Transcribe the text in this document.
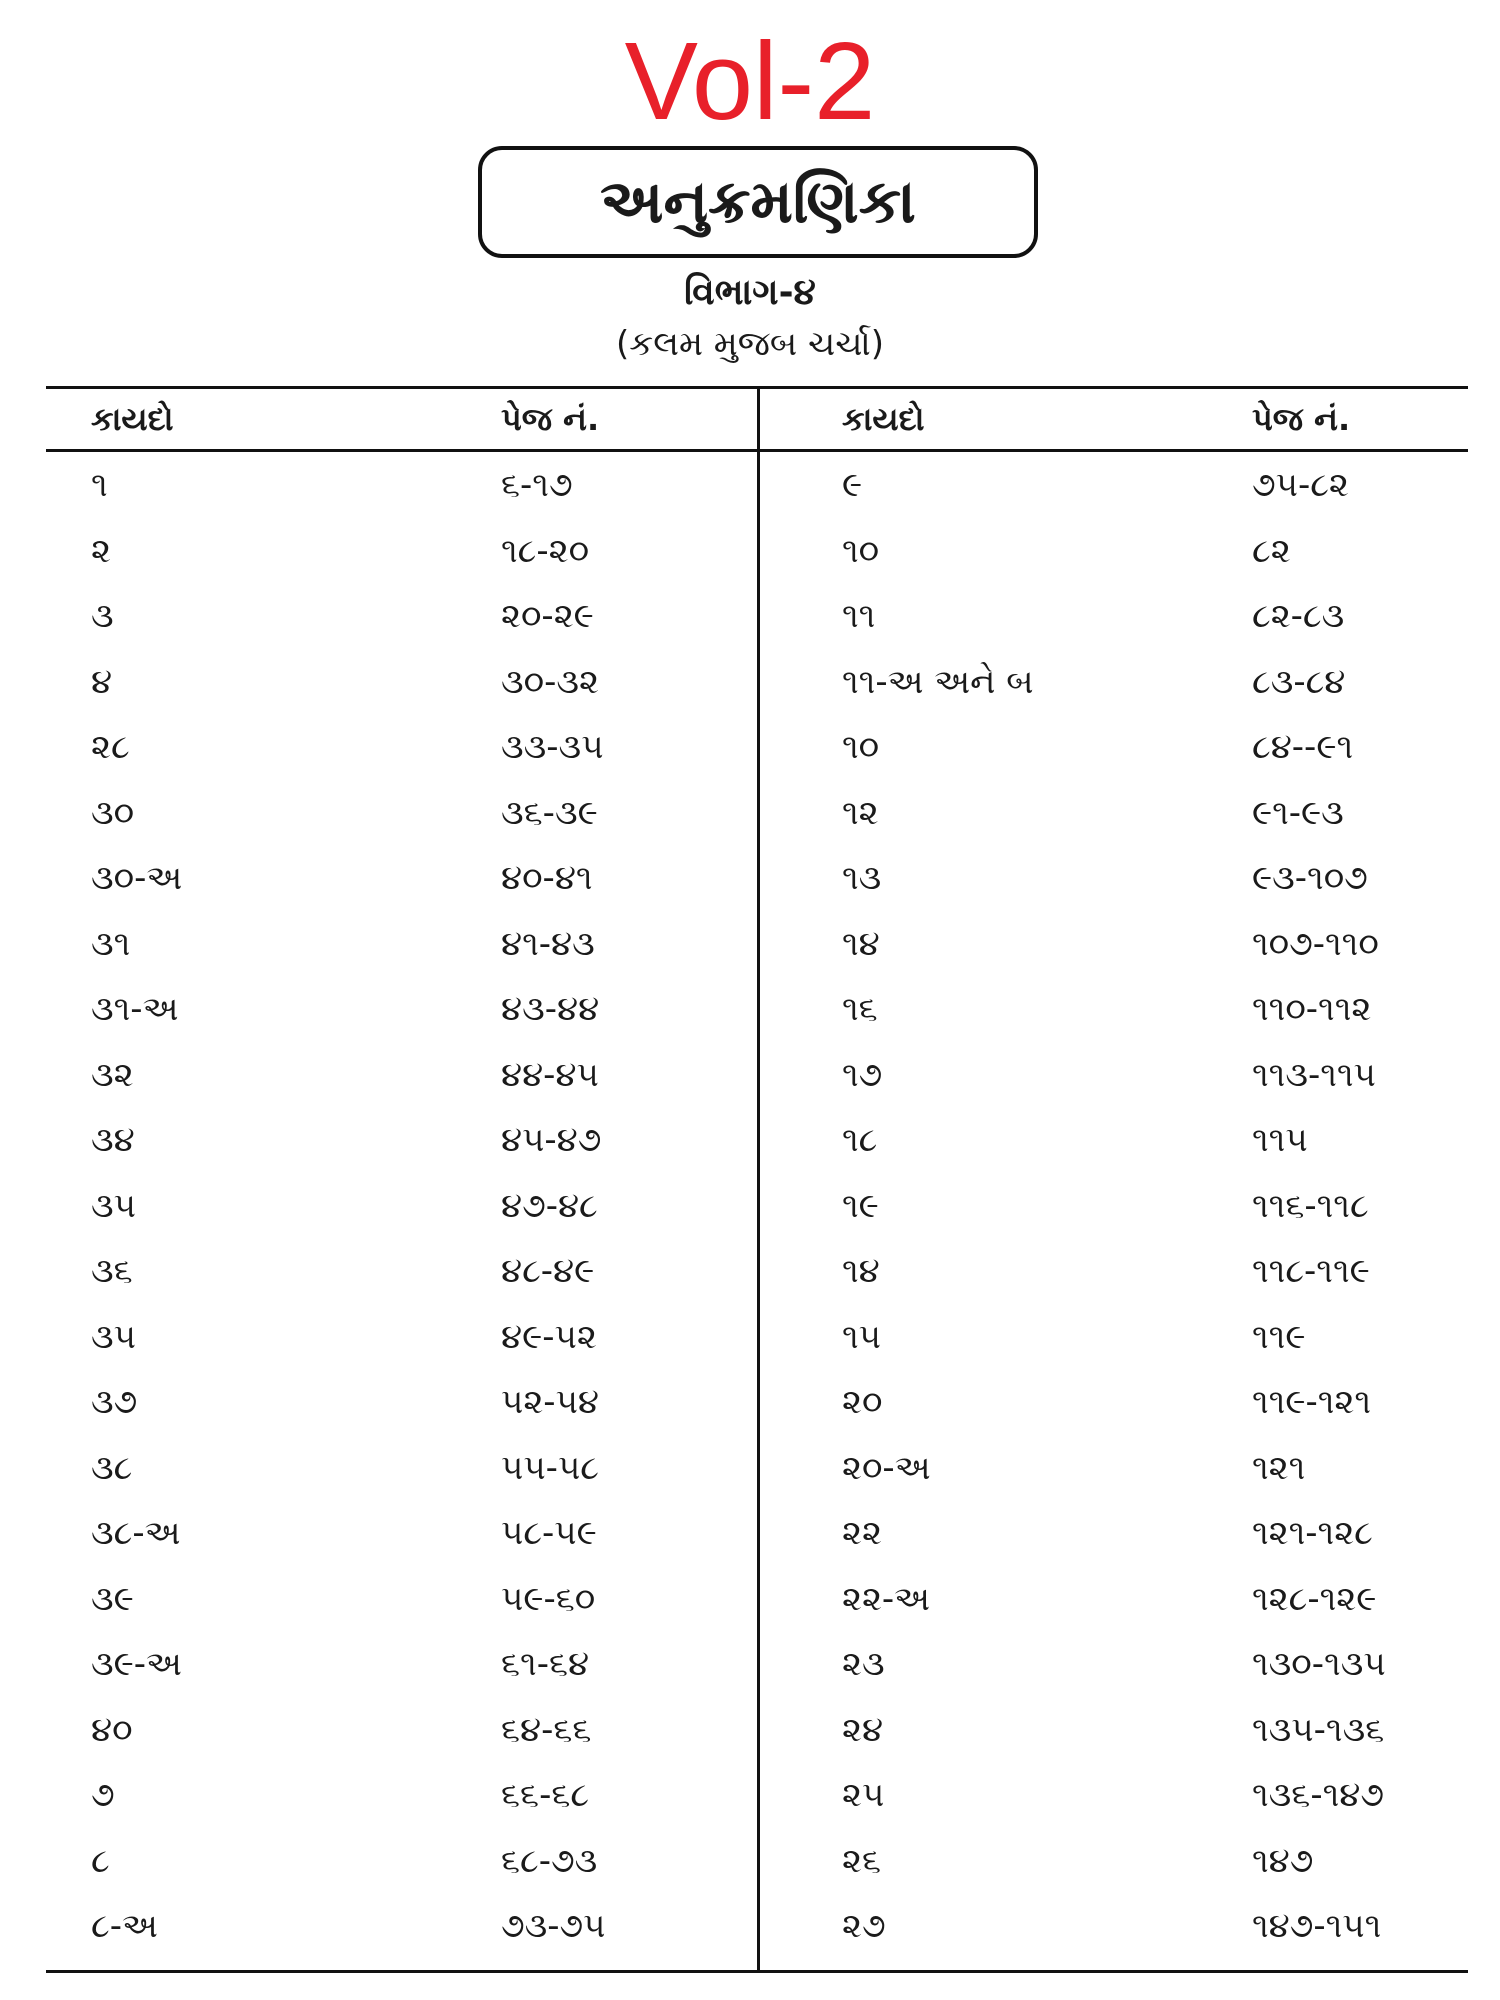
Vol-2
અનુક્રમણિકા
વિભાગ-૪
(કલમ મુજબ ચર્ચા)
કાયદો	પેજ નં.
૧	૬-૧૭
૨	૧૮-૨૦
૩	૨૦-૨૯
૪	૩૦-૩૨
૨૮	૩૩-૩૫
૩૦	૩૬-૩૯
૩૦-અ	૪૦-૪૧
૩૧	૪૧-૪૩
૩૧-અ	૪૩-૪૪
૩૨	૪૪-૪૫
૩૪	૪૫-૪૭
૩૫	૪૭-૪૮
૩૬	૪૮-૪૯
૩૫	૪૯-૫૨
૩૭	૫૨-૫૪
૩૮	૫૫-૫૮
૩૮-અ	૫૮-૫૯
૩૯	૫૯-૬૦
૩૯-અ	૬૧-૬૪
૪૦	૬૪-૬૬
૭	૬૬-૬૮
૮	૬૮-૭૩
૮-અ	૭૩-૭૫
કાયદો	પેજ નં.
૯	૭૫-૮૨
૧૦	૮૨
૧૧	૮૨-૮૩
૧૧-અ અને બ	૮૩-૮૪
૧૦	૮૪--૯૧
૧૨	૯૧-૯૩
૧૩	૯૩-૧૦૭
૧૪	૧૦૭-૧૧૦
૧૬	૧૧૦-૧૧૨
૧૭	૧૧૩-૧૧૫
૧૮	૧૧૫
૧૯	૧૧૬-૧૧૮
૧૪	૧૧૮-૧૧૯
૧૫	૧૧૯
૨૦	૧૧૯-૧૨૧
૨૦-અ	૧૨૧
૨૨	૧૨૧-૧૨૮
૨૨-અ	૧૨૮-૧૨૯
૨૩	૧૩૦-૧૩૫
૨૪	૧૩૫-૧૩૬
૨૫	૧૩૬-૧૪૭
૨૬	૧૪૭
૨૭	૧૪૭-૧૫૧
